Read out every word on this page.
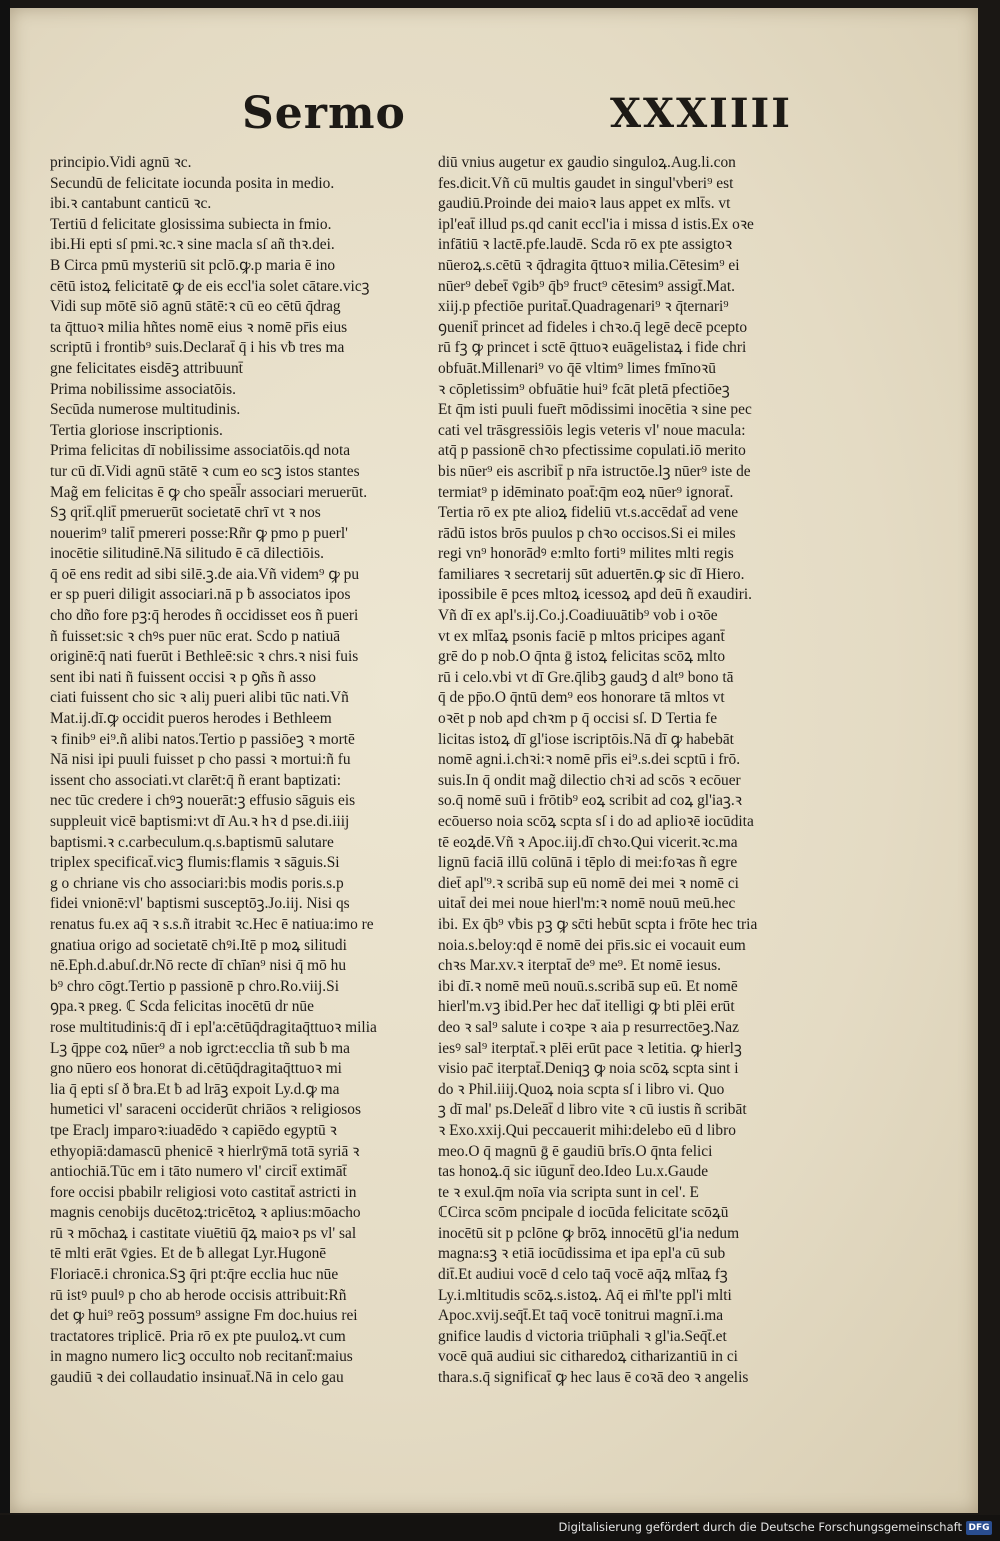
Sermo	XXXIIII
principio.Vidi agnū ꝛc.
Secundū de felicitate iocunda posita in medio.
ibi.ꝛ cantabunt canticū ꝛc.
Tertiū d felicitate glosissima subiecta in fmio.
ibi.Hi epti sſ pmi.ꝛc.ꝛ sine macla sſ añ thꝛ.dei.
B Circa pmū mysteriū sit pclō.ꝙ.p maria ē ino
cētū istoꝝ felicitatē ꝙ de eis eccl'ia solet cātare.vicꝫ
Vidi sup mōtē siō agnū stātē:ꝛ cū eo cētū q̄drag
ta q̄ttuoꝛ milia hñtes nomē eius ꝛ nomē pr̄is eius
scriptū i frontib⁹ suis.Declarat̄ q̄ i his vƀ tres ma
gne felicitates eisdēꝫ attribuunt̄
Prima nobilissime associatōis.
Secūda numerose multitudinis.
Tertia gloriose inscriptionis.
Prima felicitas dī nobilissime associatōis.qd nota
tur cū dī.Vidi agnū stātē ꝛ cum eo scꝫ istos stantes
Mag̃ em felicitas ē ꝙ cho speāl̄r associari meruerūt.
Sꝫ qrit̄.qlit̄ pmeruerūt societatē chrī vt ꝛ nos
nouerim⁹ talit̄ pmereri posse:Rñr ꝙ pmo p puerl'
inocētie silitudinē.Nā silitudo ē cā dilectiōis.
q̄ oē ens redit ad sibi silē.ꝫ.de aia.Vñ videm⁹ ꝙ pu
er sp pueri diligit associari.nā p ƀ associatos ipos
cho dño fore pꝫ:q̄ herodes ñ occidisset eos ñ pueri
ñ fuisset:sic ꝛ chꝰs puer nūc erat. Scdo p natiuā
originē:q̄ nati fuerūt i Bethleē:sic ꝛ chrs.ꝛ nisi fuis
sent ibi nati ñ fuissent occisi ꝛ p ꝯñs ñ asso
ciati fuissent cho sic ꝛ aliȷ pueri alibi tūc nati.Vñ
Mat.ij.dī.ꝙ occidit pueros herodes i Bethleem
ꝛ finib⁹ ei⁹.ñ alibi natos.Tertio p passiōeꝫ ꝛ mortē
Nā nisi ipi puuli fuisset p cho passi ꝛ mortui:ñ fu
issent cho associati.vt clarēt:q̄ ñ erant baptizati:
nec tūc credere i chꝰꝫ nouerāt:ꝫ effusio sāguis eis
suppleuit vicē baptismi:vt dī Au.ꝛ hꝛ d pse.di.iiij
baptismi.ꝛ c.carbeculum.q.s.baptismū salutare
triplex specificat̄.vicꝫ flumis:flamis ꝛ sāguis.Si
g o chriane vis cho associari:bis modis poris.s.p
fidei vnionē:vl' baptismi susceptōꝫ.Jo.iij. Nisi qs
renatus fu.ex aq̄ ꝛ s.s.ñ itrabit ꝛc.Hec ē natiua:imo re
gnatiua origo ad societatē chꝰi.Itē p moꝝ silitudi
nē.Eph.d.abuſ.dr.Nō recte dī chīan⁹ nisi q̄ mō hu
b⁹ chro cōgt.Tertio p passionē p chro.Ro.viij.Si
ꝯpa.ꝛ pʀeg. ℂ Scda felicitas inocētū dr nūe
rose multitudinis:q̄ dī i epl'a:cētūq̄dragitaq̄ttuoꝛ milia
Lꝫ q̄ppe coꝝ nūer⁹ a nob igrct:ecclia tñ sub ƀ ma
gno nūero eos honorat di.cētūq̄dragitaq̄ttuoꝛ mi
lia q̄ epti sſ ð ƀra.Et ƀ ad lrāꝫ expoit Ly.d.ꝙ ma
humetici vl' saraceni occiderūt chriāos ꝛ religiosos
tpe Eraclȷ imparoꝛ:iuadēdo ꝛ capiēdo egyptū ꝛ
ethyopiā:damascū phenicē ꝛ hierlrȳmā totā syriā ꝛ
antiochiā.Tūc em i tāto numero vl' circit̄ extimāt̄
fore occisi pbabilr religiosi voto castitat̄ astricti in
magnis cenobijs ducētoꝝ:tricētoꝝ ꝛ aplius:mōacho
rū ꝛ mōchaꝝ i castitate viuētiū q̄ꝝ maioꝛ ps vl' sal
tē mlti erāt v̄gies. Et de ƀ allegat Lyr.Hugonē
Floriacē.i chronica.Sꝫ q̄ri pt:q̄re ecclia huc nūe
rū istꝰ puulꝰ p cho ab herode occisis attribuit:Rñ
det ꝙ hui⁹ reōꝫ possum⁹ assigne Fm doc.huius rei
tractatores triplicē. Pria rō ex pte puuloꝝ.vt cum
in magno numero licꝫ occulto nob recitant̄:maius
gaudiū ꝛ dei collaudatio insinuat̄.Nā in celo gau
diū vnius augetur ex gaudio singuloꝝ.Aug.li.con
fes.dicit.Vñ cū multis gaudet in singul'vberi⁹ est
gaudiū.Proinde dei maioꝛ laus appet ex mlt̄s. vt
ipl'eat̄ illud ps.qd canit eccl'ia i missa d istis.Ex oꝛe
infātiū ꝛ lactē.pfe.laudē. Scda rō ex pte assigtoꝛ
nūeroꝝ.s.cētū ꝛ q̄dragita q̄ttuoꝛ milia.Cētesim⁹ ei
nūer⁹ debet̄ v̄gib⁹ q̄b⁹ fruct⁹ cētesim⁹ assigt̄.Mat.
xiij.p pfectiōe puritat̄.Quadragenari⁹ ꝛ q̄ternari⁹
ꝯuenit̄ princet ad fideles i chꝛo.q̄ legē decē pcepto
rū fꝫ ꝙ princet i sctē q̄ttuoꝛ euāgelistaꝝ i fide chri
obfuāt.Millenari⁹ vo q̄ē vltim⁹ limes fmīnoꝛū
ꝛ cōpletissim⁹ obfuātie hui⁹ fcāt pletā pfectiōeꝫ
Et q̄m isti puuli fuer̄t mōdissimi inocētia ꝛ sine pec
cati vel trāsgressiōis legis veteris vl' noue macula:
atq̄ p passionē chꝛo pfectissime copulati.iō merito
bis nūer⁹ eis ascribit̄ p nr̄a istructōe.lꝫ nūer⁹ iste de
termiat⁹ p idēminato poat̄:q̄m eoꝝ nūer⁹ ignorat̄.
Tertia rō ex pte alioꝝ fideliū vt.s.accēdat̄ ad vene
rādū istos brōs puulos p chꝛo occisos.Si ei miles
regi vn⁹ honorādꝰ e:mlto forti⁹ milites mlti regis
familiares ꝛ secretarij sūt aduertēn.ꝙ sic dī Hiero.
ipossibile ē pces mltoꝝ icessoꝝ apd deū ñ exaudiri.
Vñ dī ex apl's.ij.Co.j.Coadiuuātib⁹ vob i oꝛōe
vt ex mlt̄aꝝ psonis faciē p mltos pricipes agant̄
grē do p nob.O q̄nta ḡ istoꝝ felicitas scōꝝ mlto
rū i celo.vbi vt dī Gre.q̄libꝫ gaudꝫ d alt⁹ bono tā
q̄ de pp̄o.O q̄ntū dem⁹ eos honorare tā mltos vt
oꝛēt p nob apd chꝛm p q̄ occisi sſ. D Tertia fe
licitas istoꝝ dī gl'iose iscriptōis.Nā dī ꝙ habebāt
nomē agni.i.chꝛi:ꝛ nomē pr̄is ei⁹.s.dei scptū i frō.
suis.In q̄ ondit mag̃ dilectio chꝛi ad scōs ꝛ ecōuer
so.q̄ nomē suū i frōtib⁹ eoꝝ scribit ad coꝝ gl'iaꝫ.ꝛ
ecōuerso noia scōꝝ scpta sſ i do ad aplioꝛē iocūdita
tē eoꝝdē.Vñ ꝛ Apoc.iij.dī chꝛo.Qui vicerit.ꝛc.ma
lignū faciā illū colūnā i tēplo di mei:foꝛas ñ egre
diet̄ apl'⁹.ꝛ scribā sup eū nomē dei mei ꝛ nomē ci
uitat̄ dei mei noue hierl'm:ꝛ nomē nouū meū.hec
ibi. Ex q̄b⁹ vƀis pꝫ ꝙ sc̄ti hebūt scpta i frōte hec tria
noia.s.beloy:qd ē nomē dei pr̄is.sic ei vocauit eum
chꝛs Mar.xv.ꝛ iterptat̄ de⁹ me⁹. Et nomē iesus.
ibi dī.ꝛ nomē meū nouū.s.scribā sup eū. Et nomē
hierl'm.vꝫ ibid.Per hec dat̄ itelligi ꝙ bti plēi erūt
deo ꝛ sal⁹ salute i coꝛpe ꝛ aia p resurrectōeꝫ.Naz
iesꝰ sal⁹ iterptat̄.ꝛ plēi erūt pace ꝛ letitia. ꝙ hierlꝫ
visio pac̄ iterptat̄.Deniqꝫ ꝙ noia scōꝝ scpta sint i
do ꝛ Phil.iiij.Quoꝝ noia scpta sſ i libro vi. Quo
ꝫ dī mal' ps.Deleāt̄ d libro vite ꝛ cū iustis ñ scribāt
ꝛ Exo.xxij.Qui peccauerit mihi:delebo eū d libro
meo.O q̄ magnū ḡ ē gaudiū brīs.O q̄nta felici
tas honoꝝ.q̄ sic iūgunt̄ deo.Ideo Lu.x.Gaude
te ꝛ exul.q̄m noīa via scripta sunt in cel'. E
ℂCirca scōm pncipale d iocūda felicitate scōꝝū
inocētū sit p pclōne ꝙ brōꝝ innocētū gl'ia nedum
magna:sꝫ ꝛ etiā iocūdissima et ipa epl'a cū sub
dit̄.Et audiui vocē d celo taq̄ vocē aq̄ꝝ mlt̄aꝝ fꝫ
Ly.i.mltitudis scōꝝ.s.istoꝝ. Aq̄ ei m̄l'te ppl'i mlti
Apoc.xvij.seq̄t̄.Et taq̄ vocē tonitrui magnī.i.ma
gnifice laudis d victoria triūphali ꝛ gl'ia.Seq̄t̄.et
vocē quā audiui sic citharedoꝝ citharizantiū in ci
thara.s.q̄ significat̄ ꝙ hec laus ē coꝛā deo ꝛ angelis
Digitalisierung gefördert durch die Deutsche Forschungsgemeinschaft DFG
